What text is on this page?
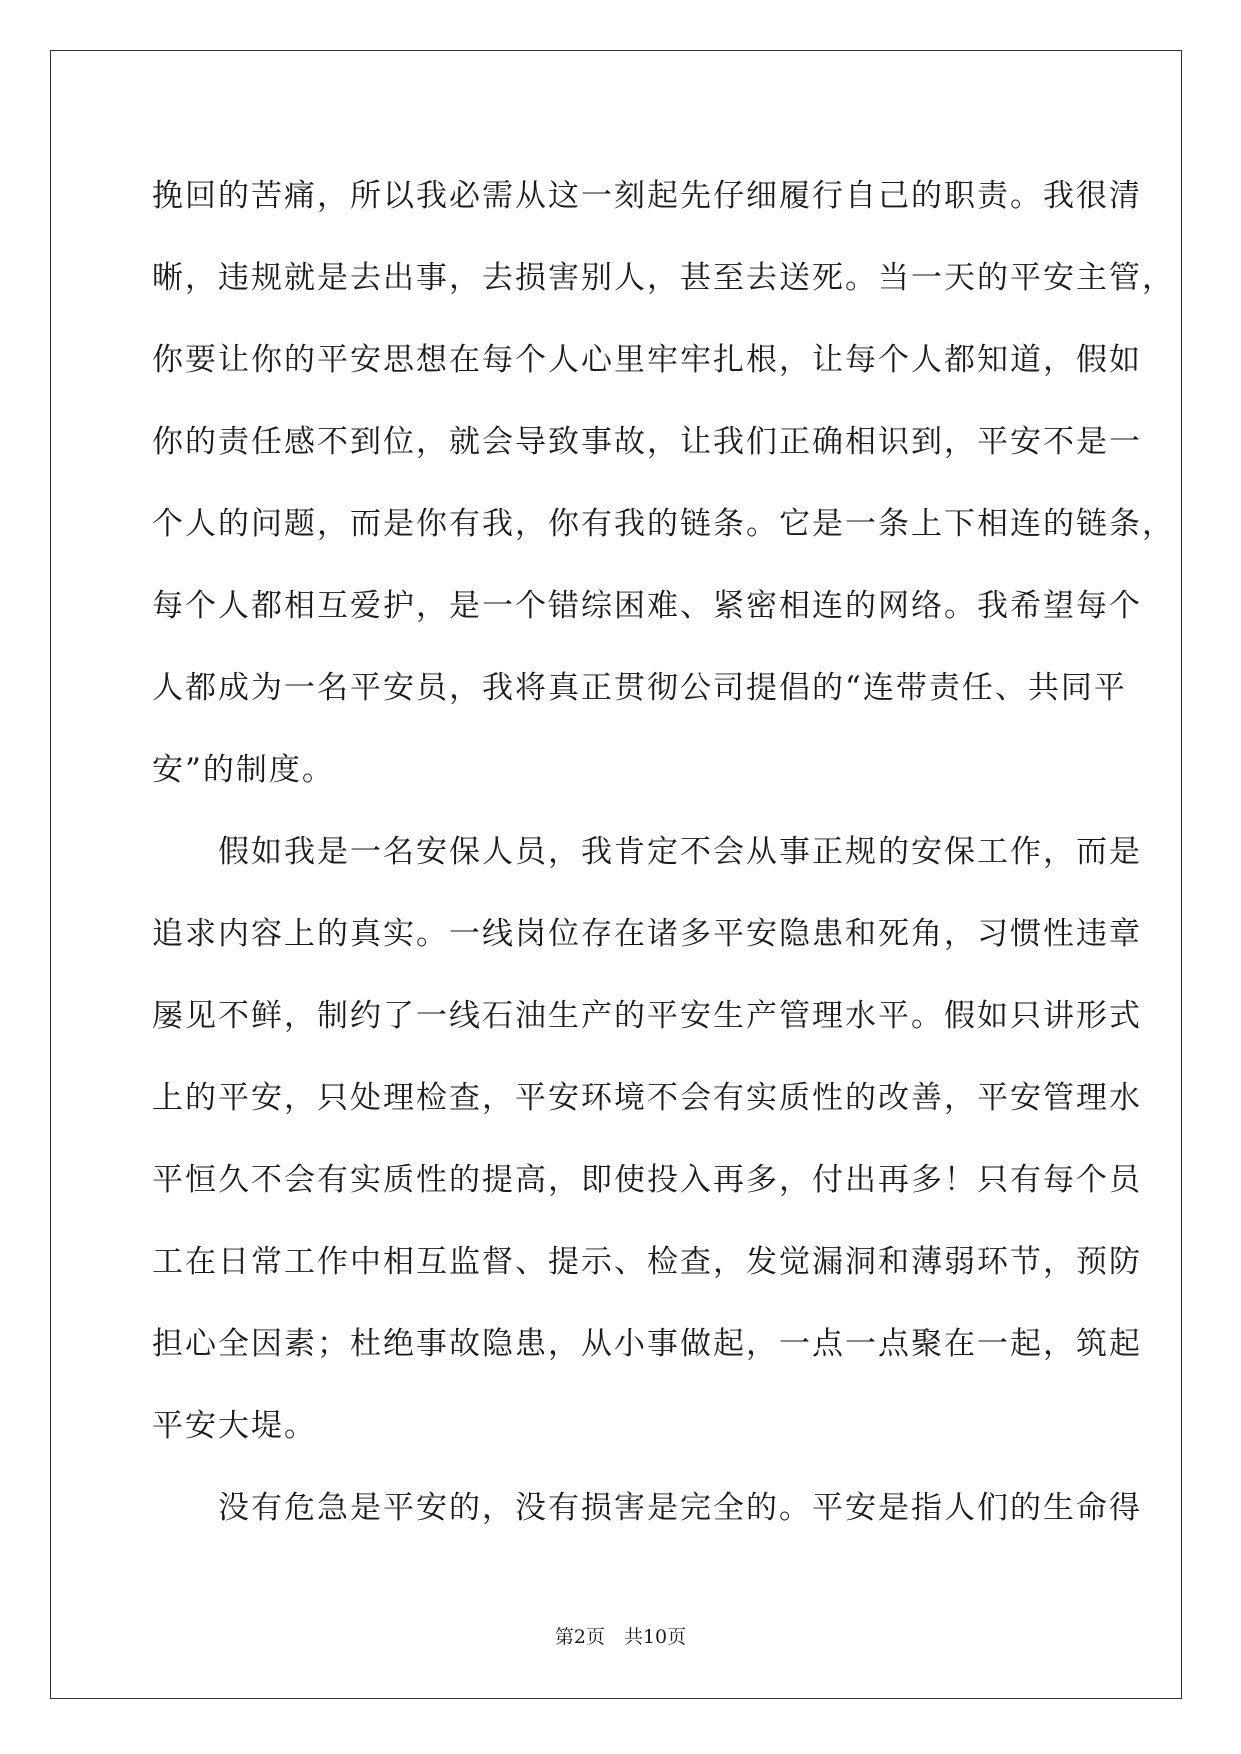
挽回的苦痛，所以我必需从这一刻起先仔细履行自己的职责。我很清
晰，违规就是去出事，去损害别人，甚至去送死。当一天的平安主管，
你要让你的平安思想在每个人心里牢牢扎根，让每个人都知道，假如
你的责任感不到位，就会导致事故，让我们正确相识到，平安不是一
个人的问题，而是你有我，你有我的链条。它是一条上下相连的链条，
每个人都相互爱护，是一个错综困难、紧密相连的网络。我希望每个
人都成为一名平安员，我将真正贯彻公司提倡的“连带责任、共同平
安”的制度。

　　假如我是一名安保人员，我肯定不会从事正规的安保工作，而是
追求内容上的真实。一线岗位存在诸多平安隐患和死角，习惯性违章
屡见不鲜，制约了一线石油生产的平安生产管理水平。假如只讲形式
上的平安，只处理检查，平安环境不会有实质性的改善，平安管理水
平恒久不会有实质性的提高，即使投入再多，付出再多！只有每个员
工在日常工作中相互监督、提示、检查，发觉漏洞和薄弱环节，预防
担心全因素；杜绝事故隐患，从小事做起，一点一点聚在一起，筑起
平安大堤。

　　没有危急是平安的，没有损害是完全的。平安是指人们的生命得

第2页　共10页
